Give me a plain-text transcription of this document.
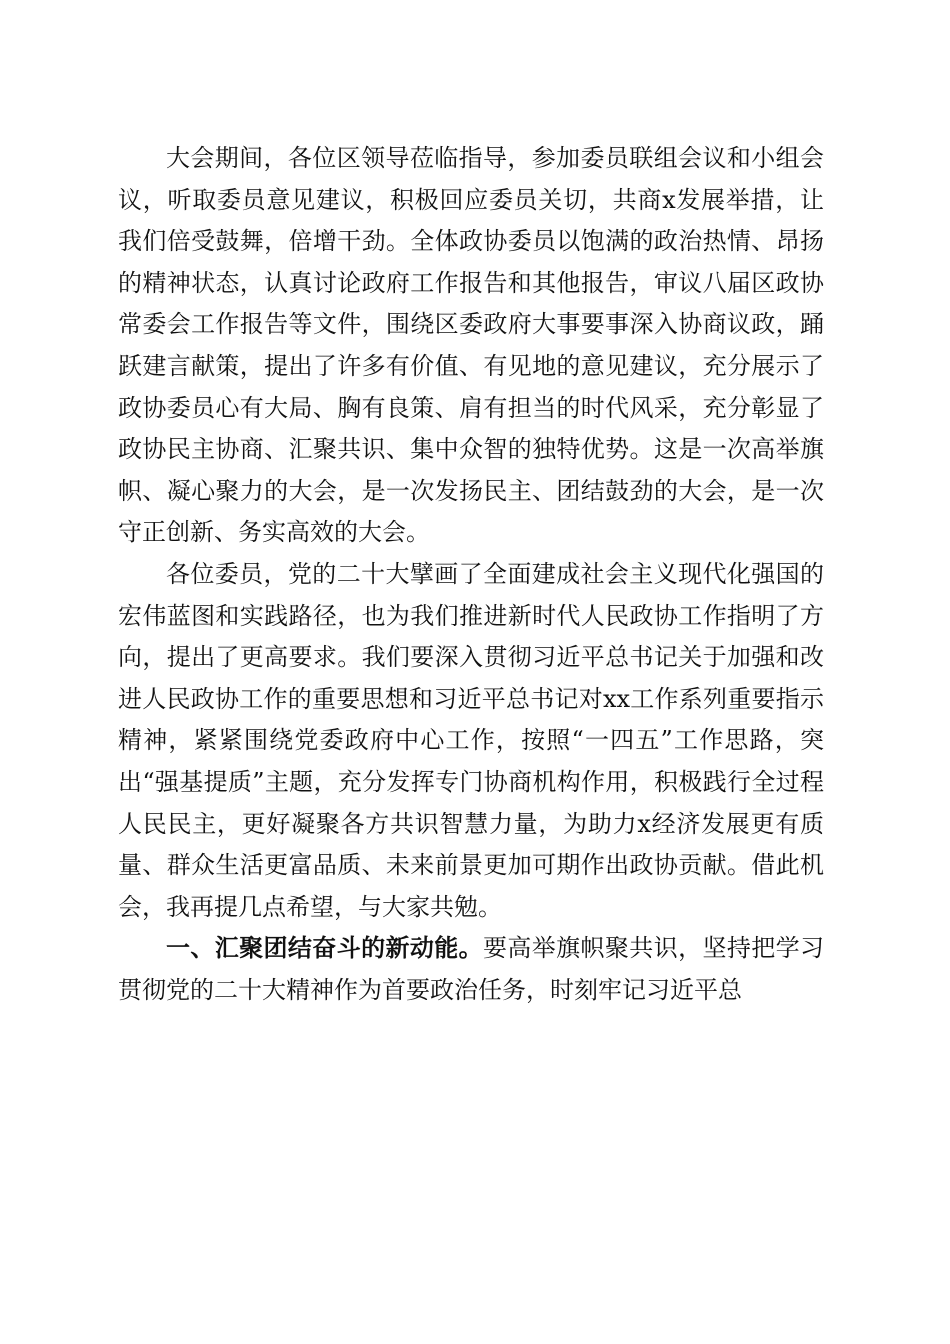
大会期间，各位区领导莅临指导，参加委员联组会议和小组会议，听取委员意见建议，积极回应委员关切，共商x发展举措，让我们倍受鼓舞，倍增干劲。全体政协委员以饱满的政治热情、昂扬的精神状态，认真讨论政府工作报告和其他报告，审议八届区政协常委会工作报告等文件，围绕区委政府大事要事深入协商议政，踊跃建言献策，提出了许多有价值、有见地的意见建议，充分展示了政协委员心有大局、胸有良策、肩有担当的时代风采，充分彰显了政协民主协商、汇聚共识、集中众智的独特优势。这是一次高举旗帜、凝心聚力的大会，是一次发扬民主、团结鼓劲的大会，是一次守正创新、务实高效的大会。

各位委员，党的二十大擘画了全面建成社会主义现代化强国的宏伟蓝图和实践路径，也为我们推进新时代人民政协工作指明了方向，提出了更高要求。我们要深入贯彻习近平总书记关于加强和改进人民政协工作的重要思想和习近平总书记对xx工作系列重要指示精神，紧紧围绕党委政府中心工作，按照“一四五”工作思路，突出“强基提质”主题，充分发挥专门协商机构作用，积极践行全过程人民民主，更好凝聚各方共识智慧力量，为助力x经济发展更有质量、群众生活更富品质、未来前景更加可期作出政协贡献。借此机会，我再提几点希望，与大家共勉。

一、汇聚团结奋斗的新动能。要高举旗帜聚共识，坚持把学习贯彻党的二十大精神作为首要政治任务，时刻牢记习近平总
